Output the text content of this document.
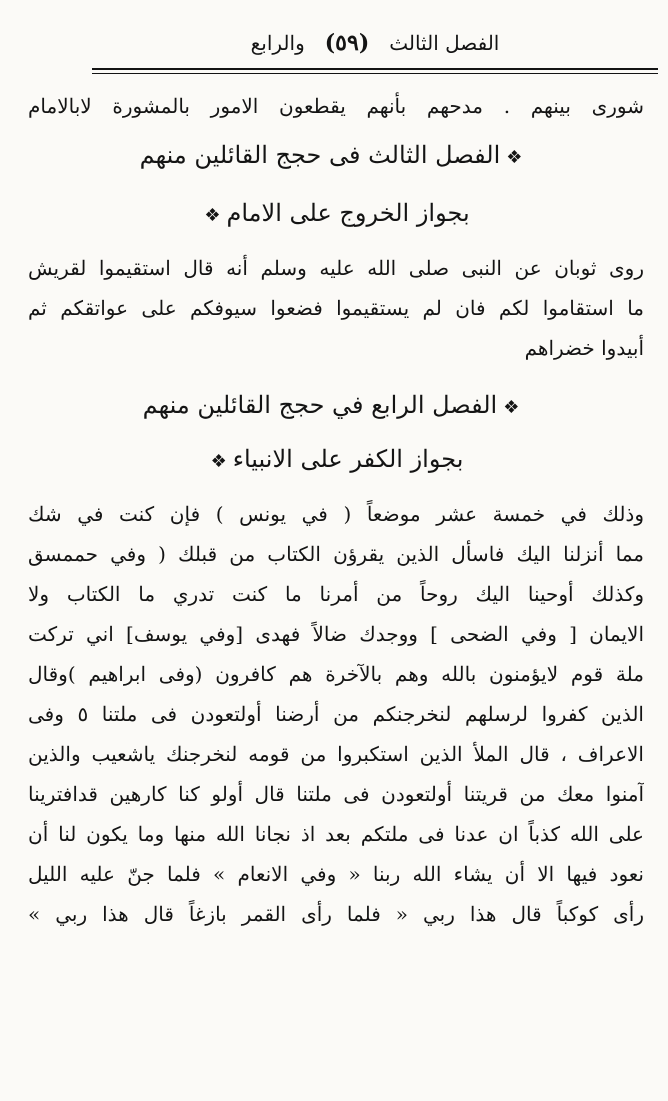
الفصل الثالث
(٥٩)
والرابع
شورى بينهم . مدحهم بأنهم يقطعون الامور بالمشورة لابالامام
❖الفصل الثالث فى حجج القائلين منهم
بجواز الخروج على الامام❖
روى ثوبان عن النبى صلى الله عليه وسلم أنه قال استقيموا لقريش
ما استقاموا لكم فان لم يستقيموا فضعوا سيوفكم على عواتقكم ثم
أبيدوا خضراهم
❖الفصل الرابع في حجج القائلين منهم
بجواز الكفر على الانبياء❖
وذلك في خمسة عشر موضعاً ( في يونس ) فإن كنت في شك
مما أنزلنا اليك فاسأل الذين يقرؤن الكتاب من قبلك ( وفي حممسق
وكذلك أوحينا اليك روحاً من أمرنا ما كنت تدري ما الكتاب ولا
الايمان [ وفي الضحى ] ووجدك ضالاً فهدى [وفي يوسف] اني تركت
ملة قوم لايؤمنون بالله وهم بالآخرة هم كافرون (وفى ابراهيم )وقال
الذين كفروا لرسلهم لنخرجنكم من أرضنا أولتعودن فى ملتنا ٥ وفى
الاعراف ، قال الملأ الذين استكبروا من قومه لنخرجنك ياشعيب والذين
آمنوا معك من قريتنا أولتعودن فى ملتنا قال أولو كنا كارهين قدافترينا
على الله كذباً ان عدنا فى ملتكم بعد اذ نجانا الله منها وما يكون لنا أن
نعود فيها الا أن يشاء الله ربنا « وفي الانعام » فلما جنّ عليه الليل
رأى كوكباً قال هذا ربي « فلما رأى القمر بازغاً قال هذا ربي »
